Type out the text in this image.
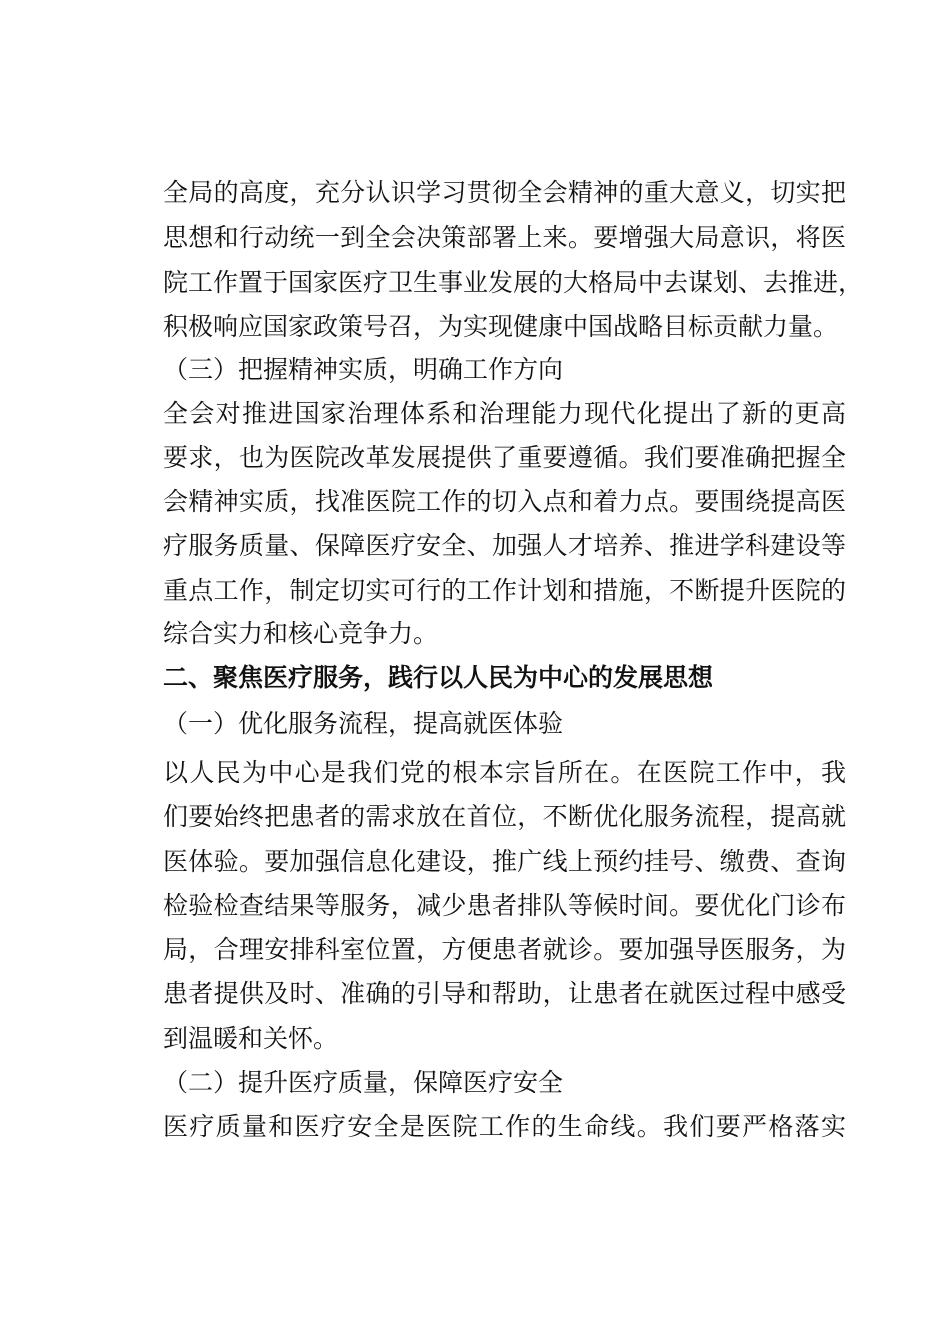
全局的高度，充分认识学习贯彻全会精神的重大意义，切实把
思想和行动统一到全会决策部署上来。要增强大局意识，将医
院工作置于国家医疗卫生事业发展的大格局中去谋划、去推进，
积极响应国家政策号召，为实现健康中国战略目标贡献力量。
（三）把握精神实质，明确工作方向
全会对推进国家治理体系和治理能力现代化提出了新的更高
要求，也为医院改革发展提供了重要遵循。我们要准确把握全
会精神实质，找准医院工作的切入点和着力点。要围绕提高医
疗服务质量、保障医疗安全、加强人才培养、推进学科建设等
重点工作，制定切实可行的工作计划和措施，不断提升医院的
综合实力和核心竞争力。
二、聚焦医疗服务，践行以人民为中心的发展思想
（一）优化服务流程，提高就医体验
以人民为中心是我们党的根本宗旨所在。在医院工作中，我
们要始终把患者的需求放在首位，不断优化服务流程，提高就
医体验。要加强信息化建设，推广线上预约挂号、缴费、查询
检验检查结果等服务，减少患者排队等候时间。要优化门诊布
局，合理安排科室位置，方便患者就诊。要加强导医服务，为
患者提供及时、准确的引导和帮助，让患者在就医过程中感受
到温暖和关怀。
（二）提升医疗质量，保障医疗安全
医疗质量和医疗安全是医院工作的生命线。我们要严格落实
